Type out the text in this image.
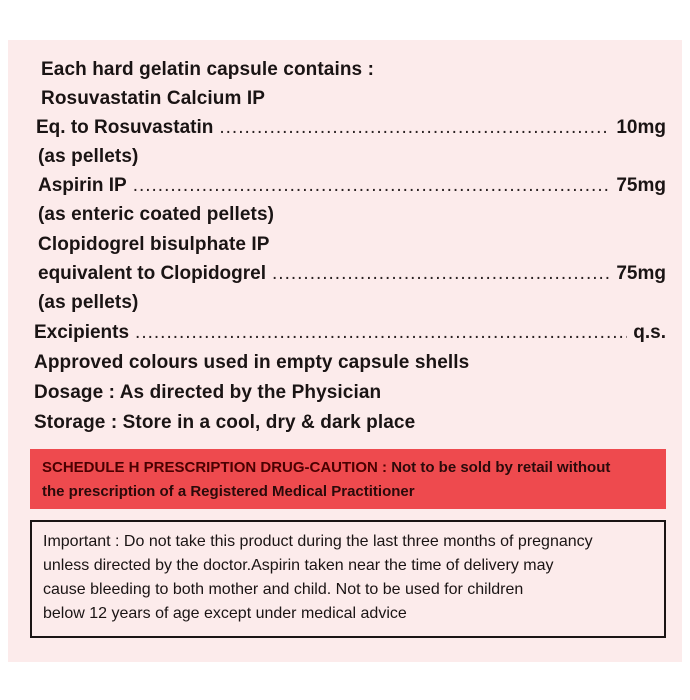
Each hard gelatin capsule contains :
Rosuvastatin Calcium IP
Eq. to Rosuvastatin .....	10mg
(as pellets)
Aspirin IP .....	75mg
(as enteric coated pellets)
Clopidogrel bisulphate IP
equivalent to Clopidogrel .....	75mg
(as pellets)
Excipients .....	q.s.
Approved colours used in empty capsule shells
Dosage : As directed by the Physician
Storage : Store in a cool, dry & dark place
SCHEDULE H PRESCRIPTION DRUG-CAUTION : Not to be sold by retail without
the prescription of a Registered Medical Practitioner
Important : Do not take this product during the last three months of pregnancy
unless directed by the doctor.Aspirin taken near the time of delivery may
cause bleeding to both mother and child. Not to be used for children
below 12 years of age except under medical advice
